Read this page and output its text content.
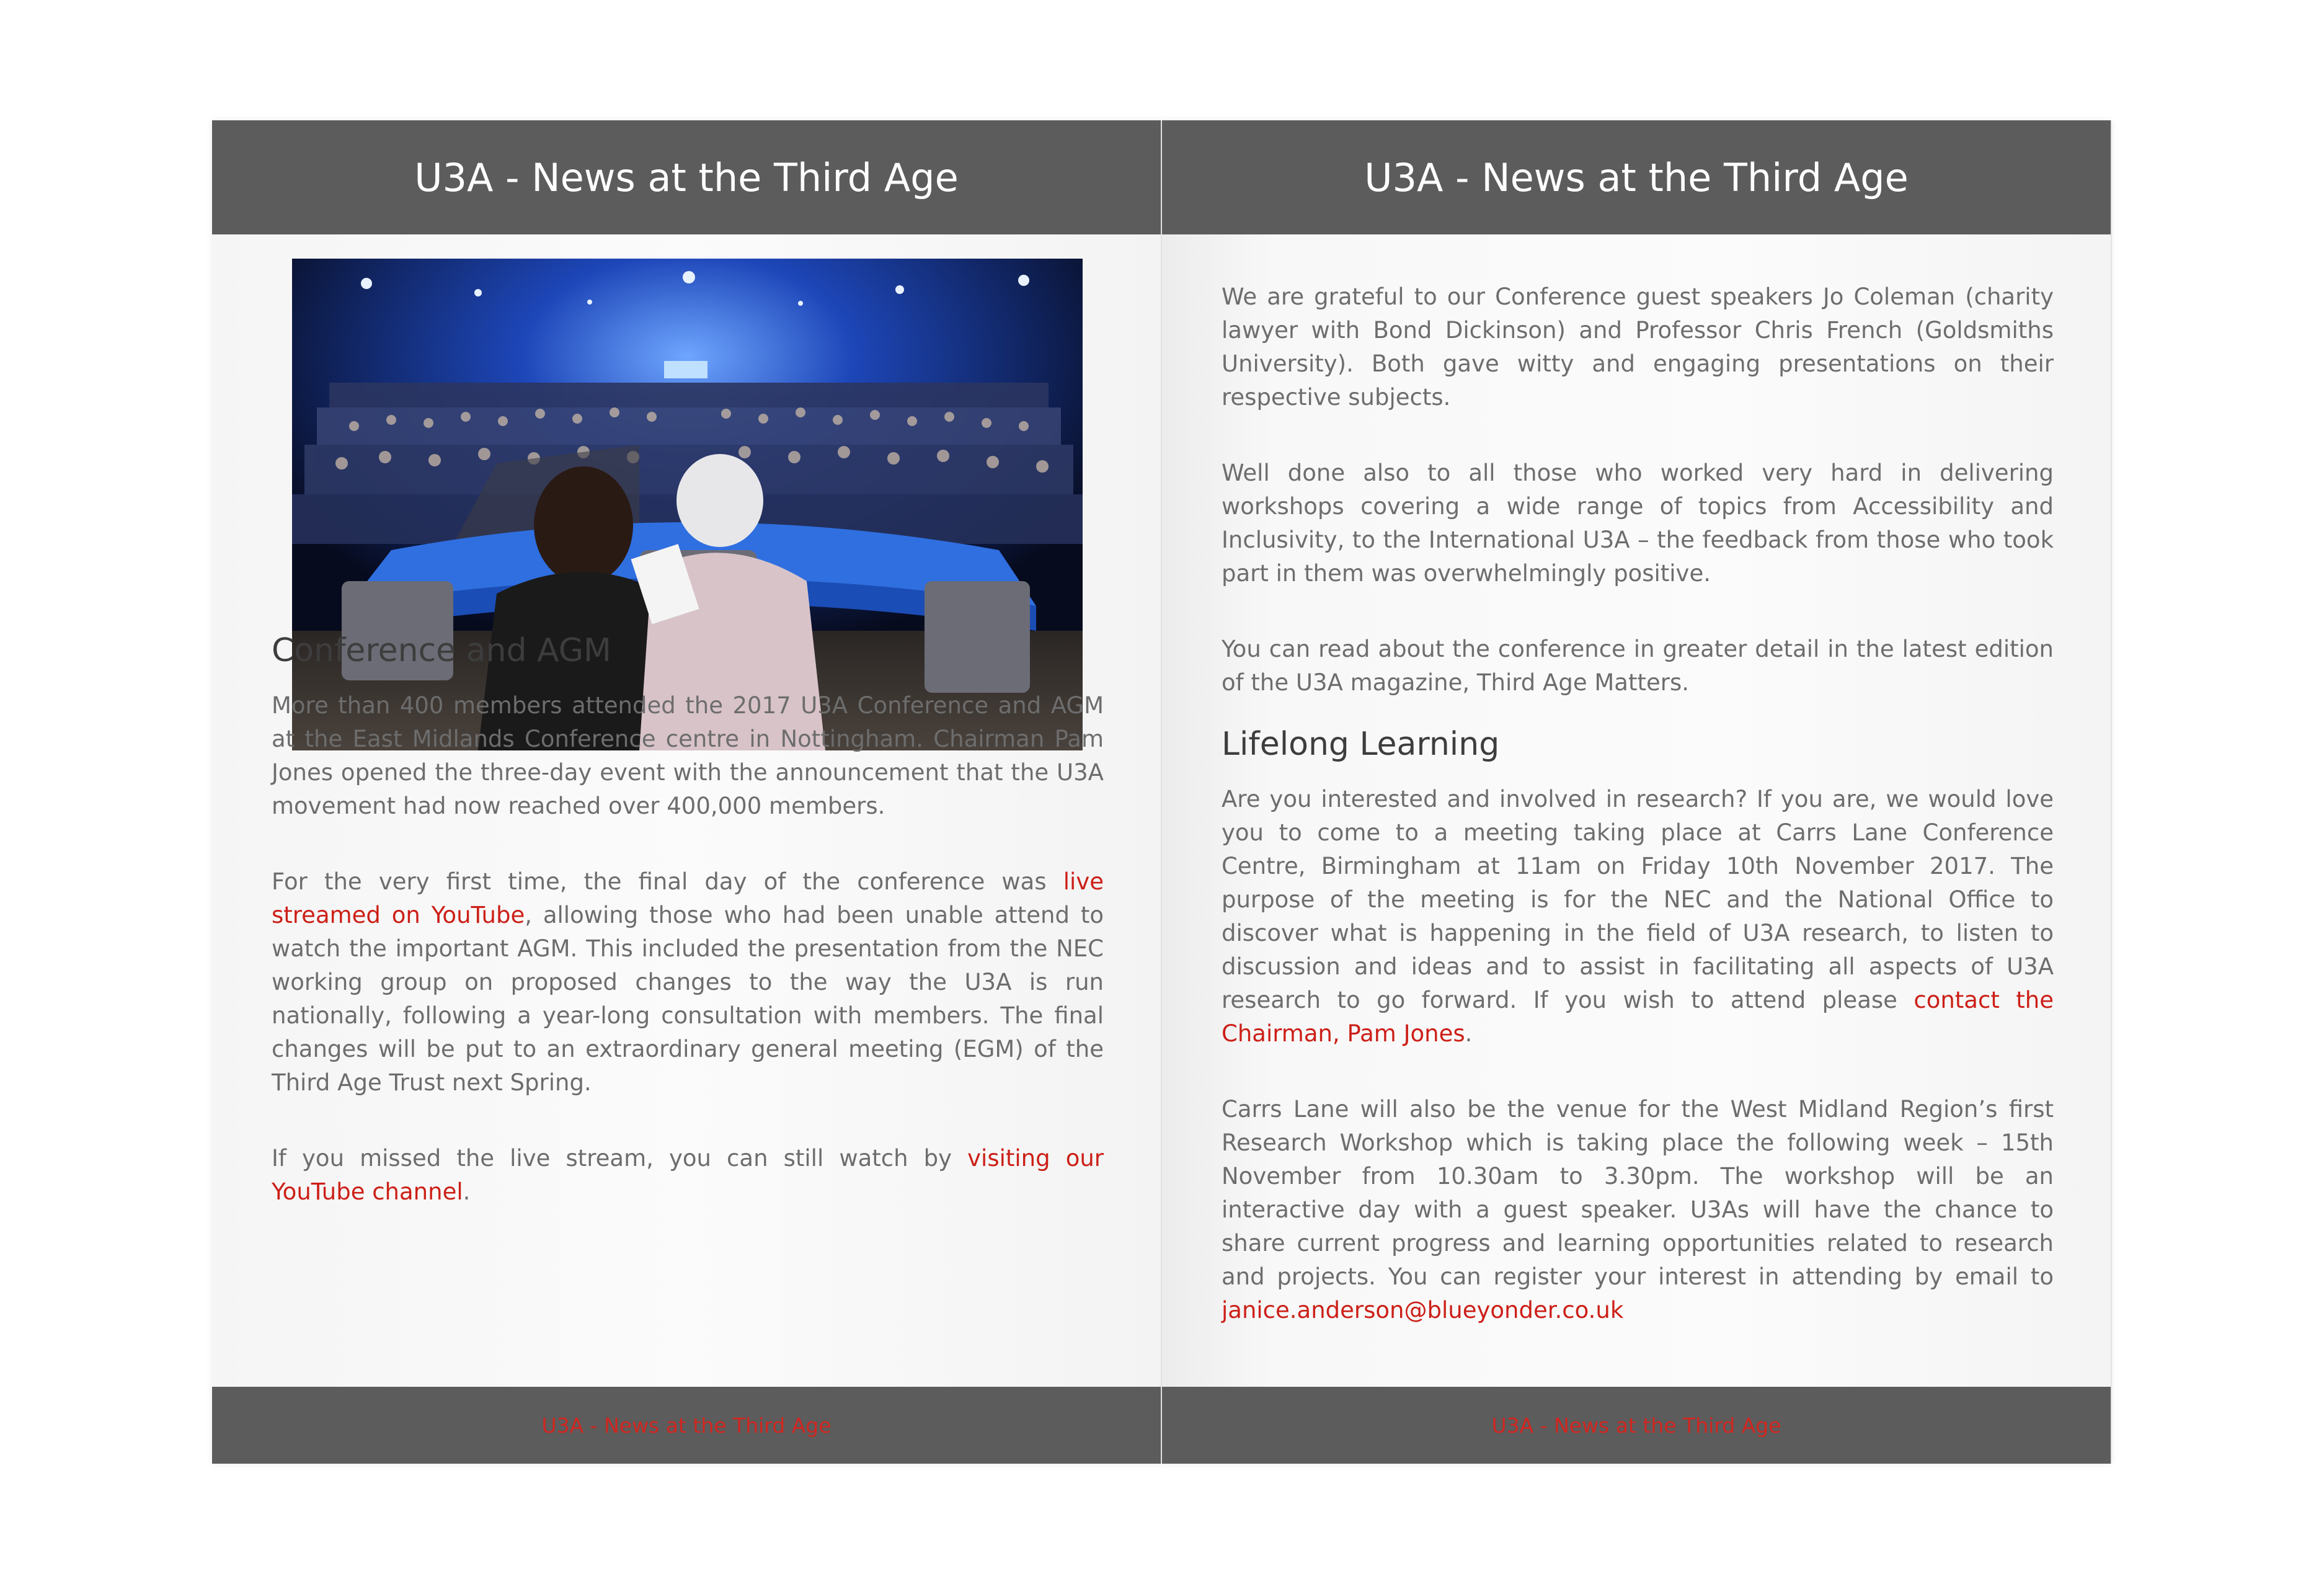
U3A - News at the Third Age
Conference and AGM

More than 400 members attended the 2017 U3A Conference and AGM at the East Midlands Conference centre in Nottingham. Chairman Pam Jones opened the three-day event with the announcement that the U3A movement had now reached over 400,000 members.

For the very first time, the final day of the conference was live streamed on YouTube, allowing those who had been unable attend to watch the important AGM. This included the presentation from the NEC working group on proposed changes to the way the U3A is run nationally, following a year-long consultation with members. The final changes will be put to an extraordinary general meeting (EGM) of the Third Age Trust next Spring.

If you missed the live stream, you can still watch by visiting our YouTube channel.

U3A - News at the Third Age
U3A - News at the Third Age

We are grateful to our Conference guest speakers Jo Coleman (charity lawyer with Bond Dickinson) and Professor Chris French (Goldsmiths University). Both gave witty and engaging presentations on their respective subjects.

Well done also to all those who worked very hard in delivering workshops covering a wide range of topics from Accessibility and Inclusivity, to the International U3A – the feedback from those who took part in them was overwhelmingly positive.

You can read about the conference in greater detail in the latest edition of the U3A magazine, Third Age Matters.

Lifelong Learning

Are you interested and involved in research? If you are, we would love you to come to a meeting taking place at Carrs Lane Conference Centre, Birmingham at 11am on Friday 10th November 2017. The purpose of the meeting is for the NEC and the National Office to discover what is happening in the field of U3A research, to listen to discussion and ideas and to assist in facilitating all aspects of U3A research to go forward. If you wish to attend please contact the Chairman, Pam Jones.

Carrs Lane will also be the venue for the West Midland Region’s first Research Workshop which is taking place the following week – 15th November from 10.30am to 3.30pm. The workshop will be an interactive day with a guest speaker. U3As will have the chance to share current progress and learning opportunities related to research and projects. You can register your interest in attending by email to janice.anderson@blueyonder.co.uk

U3A - News at the Third Age
